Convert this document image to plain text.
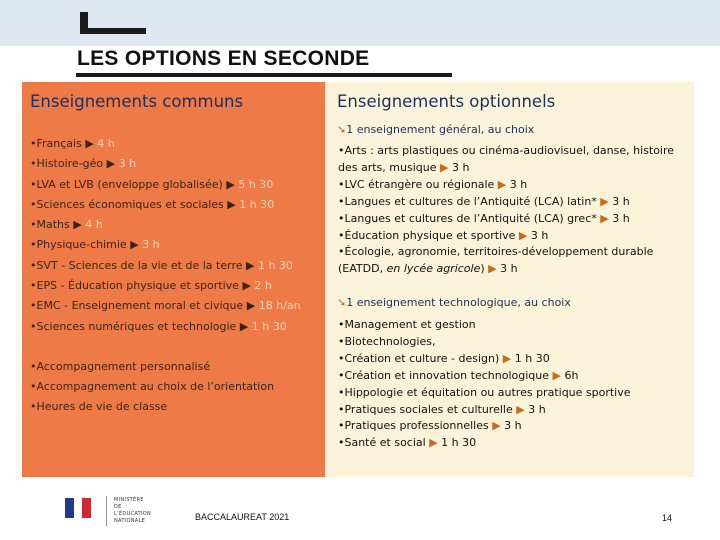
LES OPTIONS EN SECONDE
Enseignements communs
•Français ▶ 4 h
•Histoire-géo ▶ 3 h
•LVA et LVB (enveloppe globalisée) ▶ 5 h 30
•Sciences économiques et sociales ▶ 1 h 30
•Maths ▶ 4 h
•Physique-chimie ▶ 3 h
•SVT - Sciences de la vie et de la terre ▶ 1 h 30
•EPS - Éducation physique et sportive ▶ 2 h
•EMC - Enseignement moral et civique ▶ 18 h/an
•Sciences numériques et technologie ▶ 1 h 30
•Accompagnement personnalisé
•Accompagnement au choix de l’orientation
•Heures de vie de classe
Enseignements optionnels
➘1 enseignement général, au choix
•Arts : arts plastiques ou cinéma-audiovisuel, danse, histoire des arts, musique ▶ 3 h
•LVC étrangère ou régionale ▶ 3 h
•Langues et cultures de l’Antiquité (LCA) latin* ▶ 3 h
•Langues et cultures de l’Antiquité (LCA) grec* ▶ 3 h
•Éducation physique et sportive ▶ 3 h
•Écologie, agronomie, territoires-développement durable (EATDD, en lycée agricole) ▶ 3 h
➘1 enseignement technologique, au choix
•Management et gestion
•Biotechnologies,
•Création et culture - design) ▶ 1 h 30
•Création et innovation technologique ▶ 6h
•Hippologie et équitation ou autres pratique sportive
•Pratiques sociales et culturelle ▶ 3 h
•Pratiques professionnelles ▶ 3 h
•Santé et social ▶ 1 h 30
MINISTÈRE
DE L’ÉDUCATION
NATIONALE	BACCALAUREAT 2021	14
